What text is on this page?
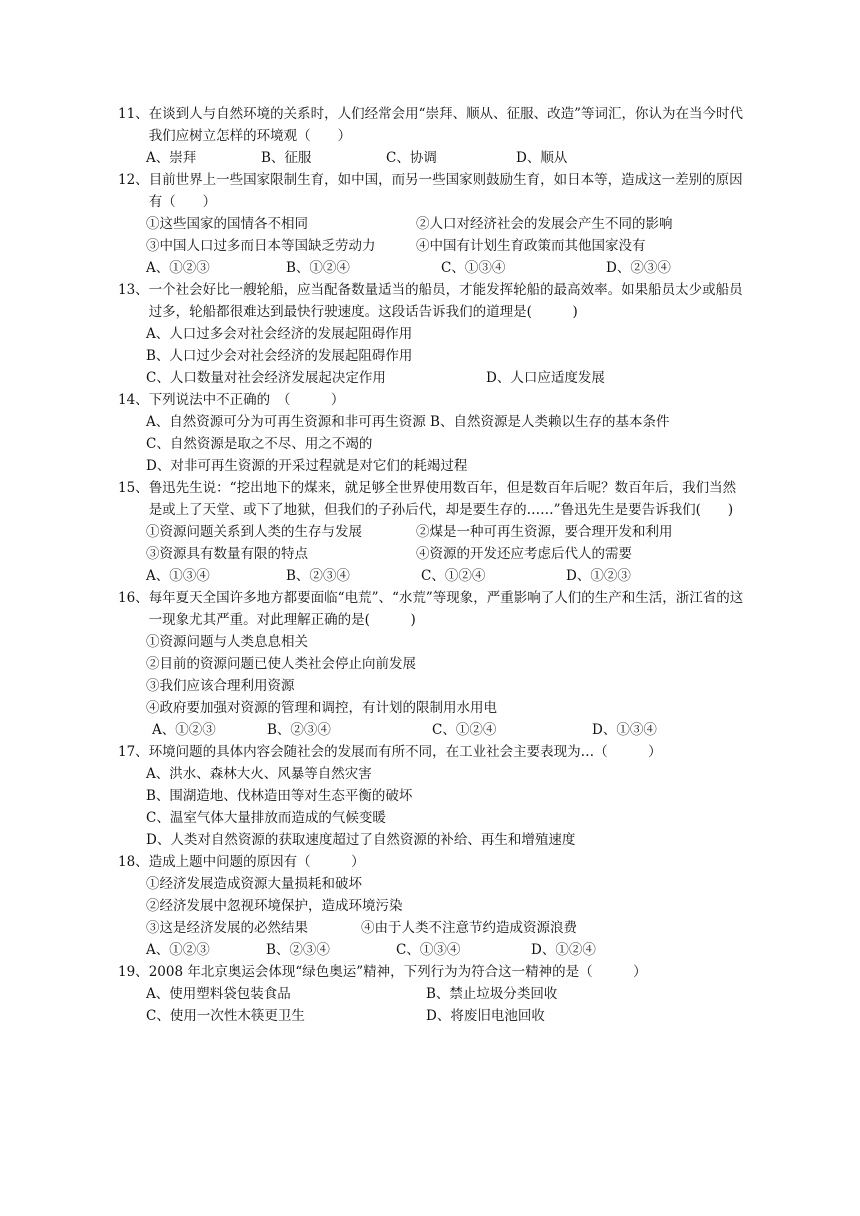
11、 在谈到人与自然环境的关系时，人们经常会用“崇拜、顺从、征服、改造”等词汇，你认为在当今时代我们应树立怎样的环境观（　　）
A、崇拜	B、征服	C、协调	D、顺从
12、 目前世界上一些国家限制生育，如中国，而另一些国家则鼓励生育，如日本等，造成这一差别的原因有（　　）
①这些国家的国情各不相同	②人口对经济社会的发展会产生不同的影响
③中国人口过多而日本等国缺乏劳动力	④中国有计划生育政策而其他国家没有
A、①②③	B、①②④	C、①③④	D、②③④
13、 一个社会好比一艘轮船，应当配备数量适当的船员，才能发挥轮船的最高效率。如果船员太少或船员过多，轮船都很难达到最快行驶速度。这段话告诉我们的道理是(　　　)
A、人口过多会对社会经济的发展起阻碍作用
B、人口过少会对社会经济的发展起阻碍作用
C、人口数量对社会经济发展起决定作用	D、人口应适度发展
14、 下列说法中不正确的　（　　　）
A、自然资源可分为可再生资源和非可再生资源 B、自然资源是人类赖以生存的基本条件
C、自然资源是取之不尽、用之不竭的
D、对非可再生资源的开采过程就是对它们的耗竭过程
15、 鲁迅先生说：“挖出地下的煤来，就足够全世界使用数百年，但是数百年后呢？数百年后，我们当然是或上了天堂、或下了地狱，但我们的子孙后代，却是要生存的……”鲁迅先生是要告诉我们(　　)
①资源问题关系到人类的生存与发展	②煤是一种可再生资源，要合理开发和利用
③资源具有数量有限的特点	④资源的开发还应考虑后代人的需要
A、①③④	B、②③④	C、①②④	D、①②③
16、 每年夏天全国许多地方都要面临“电荒”、“水荒”等现象，严重影响了人们的生产和生活，浙江省的这一现象尤其严重。对此理解正确的是(　　　)
①资源问题与人类息息相关
②目前的资源问题已使人类社会停止向前发展
③我们应该合理利用资源
④政府要加强对资源的管理和调控，有计划的限制用水用电
A、①②③	B、②③④	C、①②④	D、①③④
17、 环境问题的具体内容会随社会的发展而有所不同，在工业社会主要表现为…（　　　）
A、洪水、森林大火、风暴等自然灾害
B、围湖造地、伐林造田等对生态平衡的破坏
C、温室气体大量排放而造成的气候变暖
D、人类对自然资源的获取速度超过了自然资源的补给、再生和增殖速度
18、 造成上题中问题的原因有（　　　）
①经济发展造成资源大量损耗和破坏
②经济发展中忽视环境保护，造成环境污染
③这是经济发展的必然结果	④由于人类不注意节约造成资源浪费
A、①②③	B、②③④	C、①③④	D、①②④
19、 2008 年北京奥运会体现“绿色奥运”精神，下列行为为符合这一精神的是（　　　）
A、使用塑料袋包装食品	B、禁止垃圾分类回收
C、使用一次性木筷更卫生	D、将废旧电池回收
